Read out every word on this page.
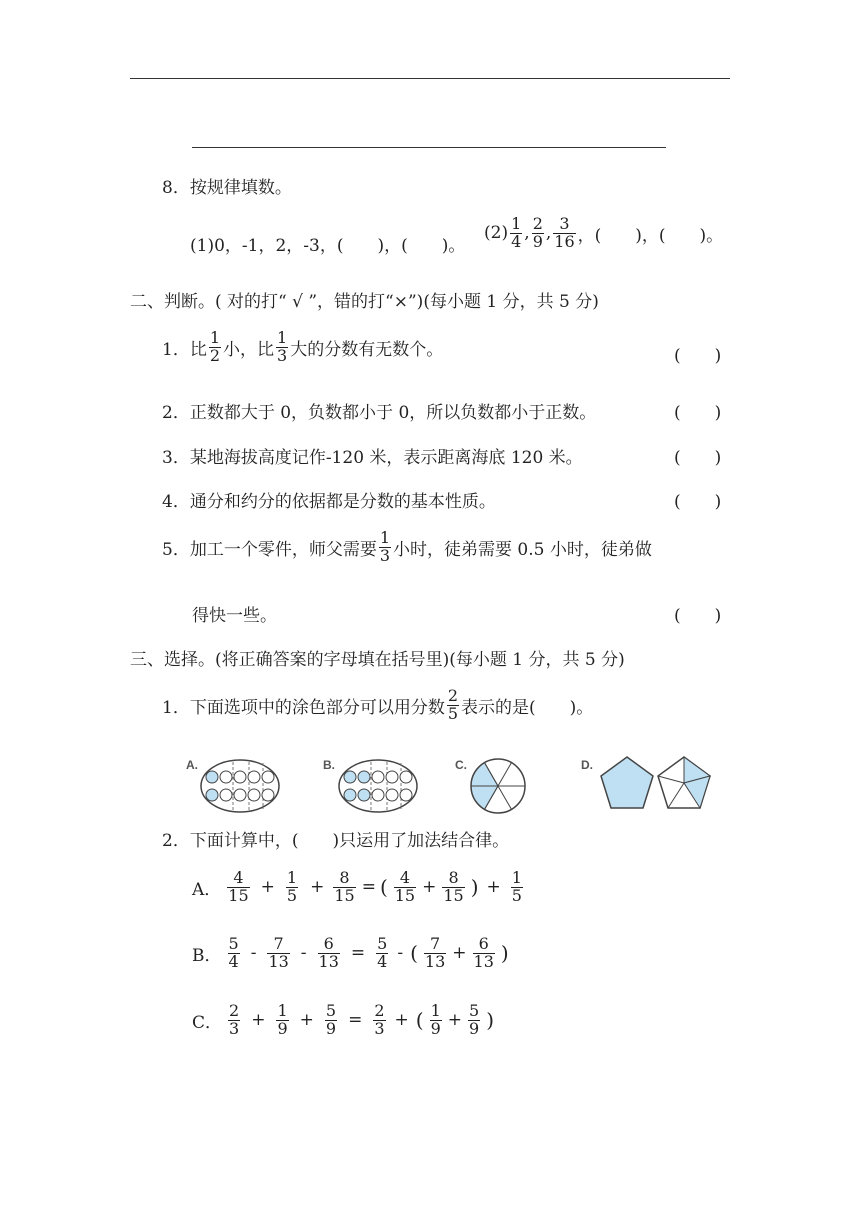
8．按规律填数。
(1)0，-1，2，-3，(　　)，(　　)。
$(2) \frac{1}{4}$ , $\frac{2}{9}$ , $\frac{3}{16}$ ，(　　)，(　　)。
二、判断。( 对的打“ √ ”，错的打“×”)(每小题 1 分，共 5 分)
1．比 $\frac{1}{2}$ 小，比 $\frac{1}{3}$ 大的分数有无数个。	(　　)
2．正数都大于 0，负数都小于 0，所以负数都小于正数。	(　　)
3．某地海拔高度记作-120 米，表示距离海底 120 米。	(　　)
4．通分和约分的依据都是分数的基本性质。	(　　)
5．加工一个零件，师父需要 $\frac{1}{3}$ 小时，徒弟需要 0.5 小时，徒弟做
得快一些。	(　　)
三、选择。(将正确答案的字母填在括号里)(每小题 1 分，共 5 分)
1．下面选项中的涂色部分可以用分数 $\frac{2}{5}$ 表示的是(　　)。
A.	B.	C.	D.
2．下面计算中，(　　)只运用了加法结合律。
A． $\frac{4}{15} + \frac{1}{5} + \frac{8}{15}$ = ( $\frac{4}{15} + \frac{8}{15}$ ) + $\frac{1}{5}$
B． $\frac{5}{4} - \frac{7}{13} - \frac{6}{13} = \frac{5}{4}$ - ( $\frac{7}{13} + \frac{6}{13}$ )
C． $\frac{2}{3} + \frac{1}{9} + \frac{5}{9} = \frac{2}{3}$ + ( $\frac{1}{9} + \frac{5}{9}$ )
